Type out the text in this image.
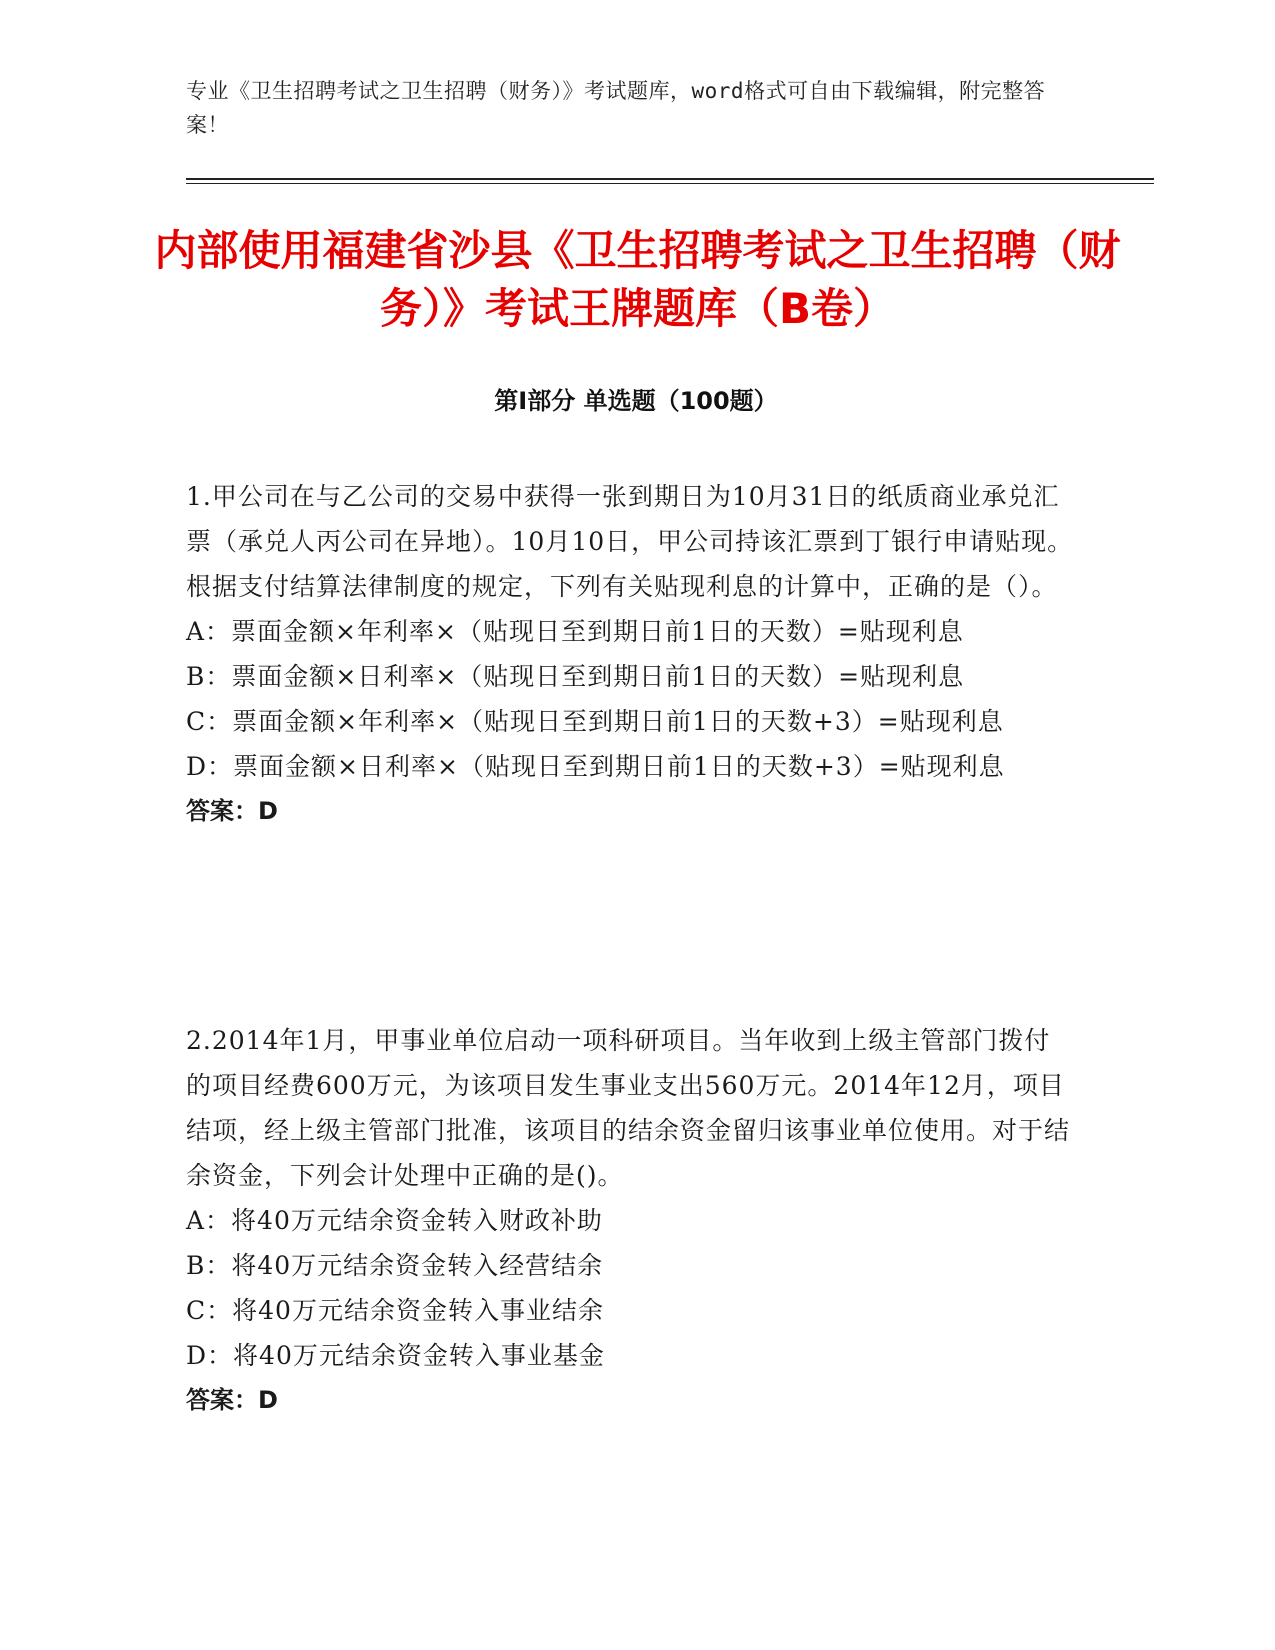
专业《卫生招聘考试之卫生招聘（财务）》考试题库，word格式可自由下载编辑，附完整答案！
内部使用福建省沙县《卫生招聘考试之卫生招聘（财务）》考试王牌题库（B卷）
第I部分 单选题（100题）

1.甲公司在与乙公司的交易中获得一张到期日为10月31日的纸质商业承兑汇票（承兑人丙公司在异地）。10月10日，甲公司持该汇票到丁银行申请贴现。根据支付结算法律制度的规定，下列有关贴现利息的计算中，正确的是（）。

A：票面金额×年利率×（贴现日至到期日前1日的天数）=贴现利息

B：票面金额×日利率×（贴现日至到期日前1日的天数）=贴现利息

C：票面金额×年利率×（贴现日至到期日前1日的天数+3）=贴现利息

D：票面金额×日利率×（贴现日至到期日前1日的天数+3）=贴现利息

答案：D

2.2014年1月，甲事业单位启动一项科研项目。当年收到上级主管部门拨付的项目经费600万元，为该项目发生事业支出560万元。2014年12月，项目结项，经上级主管部门批准，该项目的结余资金留归该事业单位使用。对于结余资金，下列会计处理中正确的是()。

A：将40万元结余资金转入财政补助

B：将40万元结余资金转入经营结余

C：将40万元结余资金转入事业结余

D：将40万元结余资金转入事业基金

答案：D
